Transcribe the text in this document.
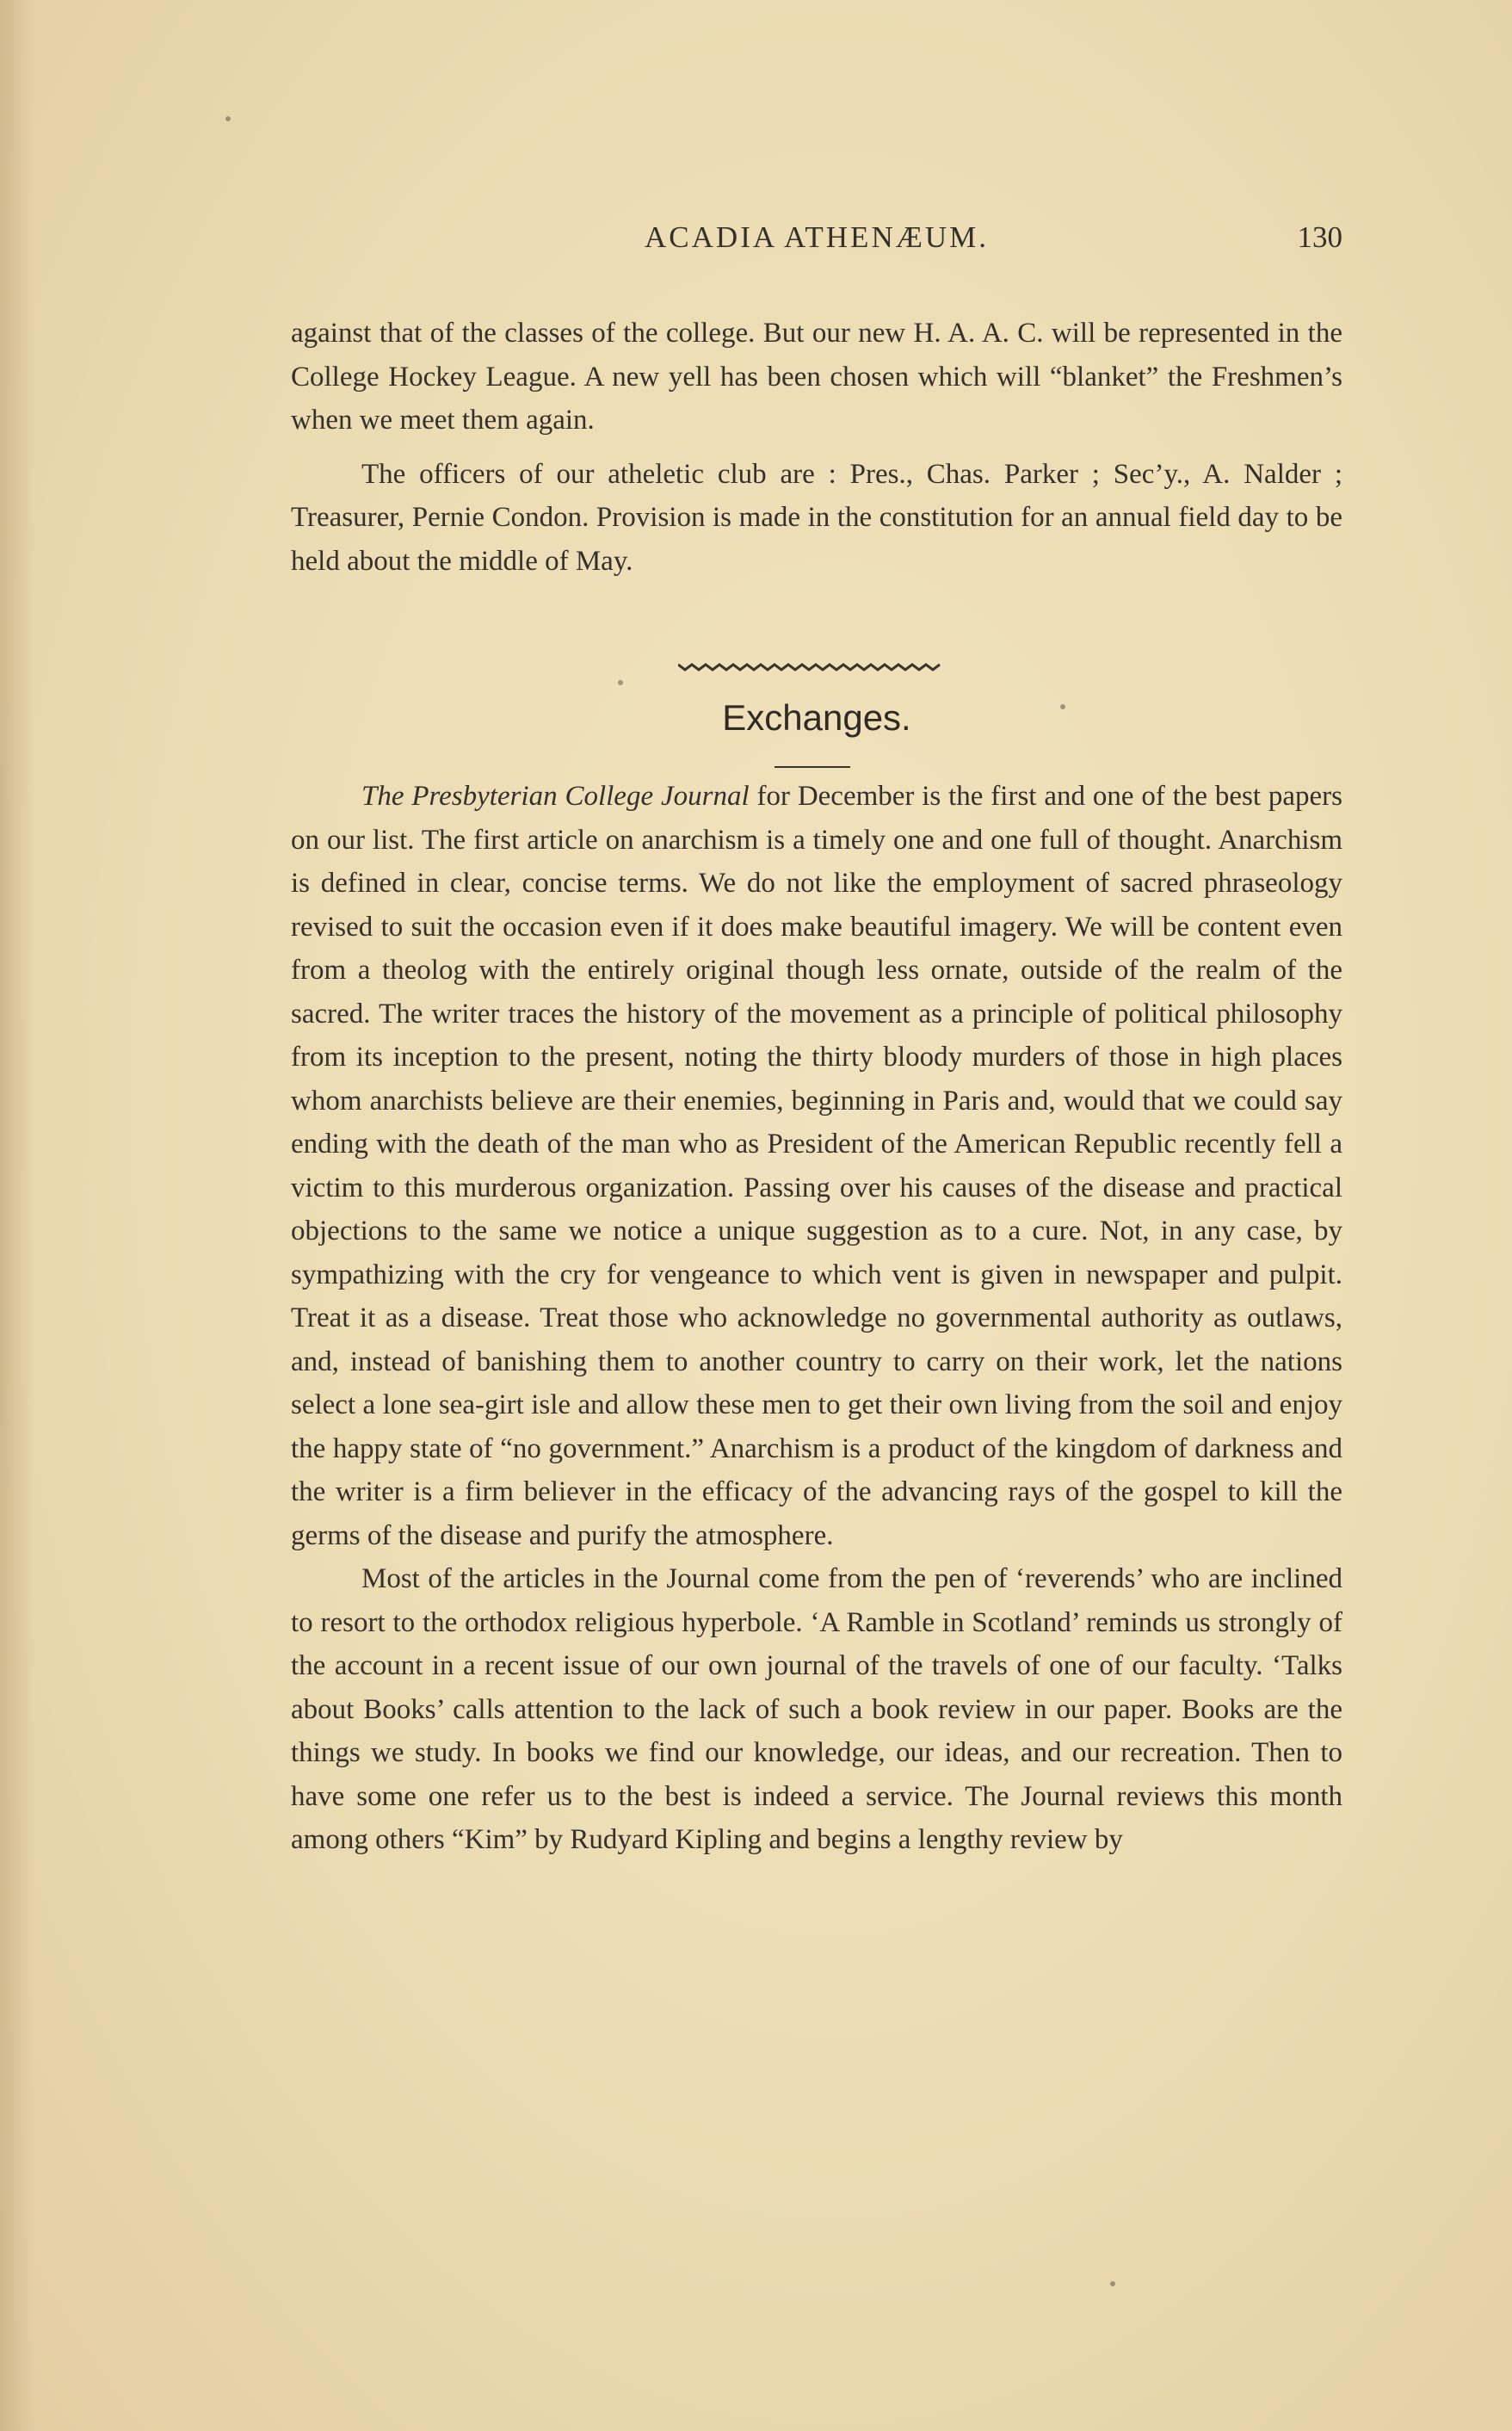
ACADIA ATHENÆUM.	130

against that of the classes of the college. But our new H. A. A. C. will be represented in the College Hockey League. A new yell has been chosen which will “blanket” the Freshmen’s when we meet them again.

The officers of our atheletic club are : Pres., Chas. Parker ; Sec’y., A. Nalder ; Treasurer, Pernie Condon. Provision is made in the constitution for an annual field day to be held about the middle of May.

Exchanges.

The Presbyterian College Journal for December is the first and one of the best papers on our list. The first article on anarchism is a timely one and one full of thought. Anarchism is defined in clear, concise terms. We do not like the employment of sacred phraseology revised to suit the occasion even if it does make beautiful imagery. We will be content even from a theolog with the entirely original though less ornate, outside of the realm of the sacred. The writer traces the history of the movement as a principle of political philosophy from its inception to the present, noting the thirty bloody murders of those in high places whom anarchists believe are their enemies, beginning in Paris and, would that we could say ending with the death of the man who as President of the American Republic recently fell a victim to this murderous organization. Passing over his causes of the disease and practical objections to the same we notice a unique suggestion as to a cure. Not, in any case, by sympathizing with the cry for vengeance to which vent is given in newspaper and pulpit. Treat it as a disease. Treat those who acknowledge no governmental authority as outlaws, and, instead of banishing them to another country to carry on their work, let the nations select a lone sea-girt isle and allow these men to get their own living from the soil and enjoy the happy state of “no government.” Anarchism is a product of the kingdom of darkness and the writer is a firm believer in the efficacy of the advancing rays of the gospel to kill the germs of the disease and purify the atmosphere.

Most of the articles in the Journal come from the pen of ‘reverends’ who are inclined to resort to the orthodox religious hyperbole. ‘A Ramble in Scotland’ reminds us strongly of the account in a recent issue of our own journal of the travels of one of our faculty. ‘Talks about Books’ calls attention to the lack of such a book review in our paper. Books are the things we study. In books we find our knowledge, our ideas, and our recreation. Then to have some one refer us to the best is indeed a service. The Journal reviews this month among others “Kim” by Rudyard Kipling and begins a lengthy review by
